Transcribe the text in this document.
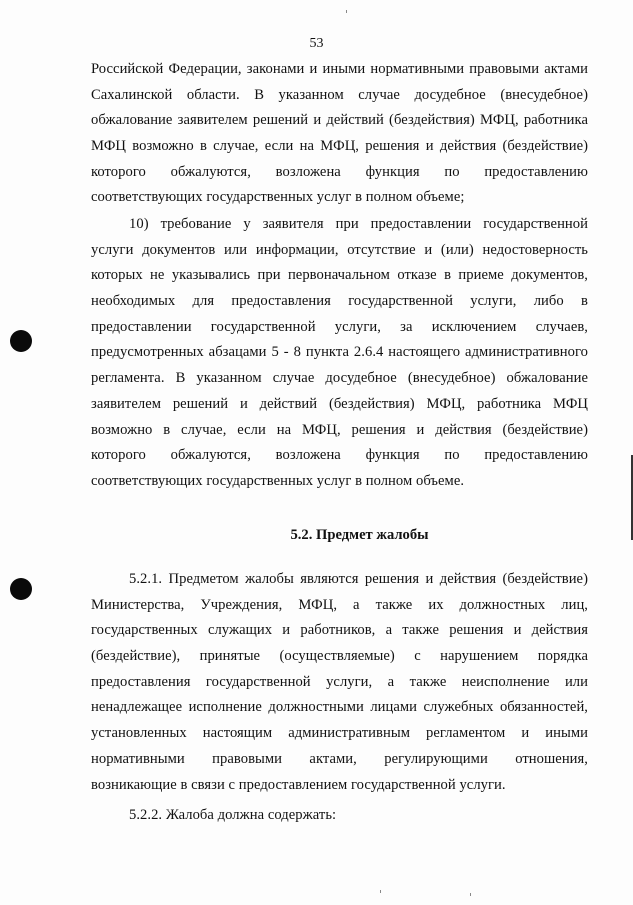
53
Российской Федерации, законами и иными нормативными правовыми актами
Сахалинской области. В указанном случае досудебное (внесудебное)
обжалование заявителем решений и действий (бездействия) МФЦ, работника
МФЦ возможно в случае, если на МФЦ, решения и действия (бездействие)
которого обжалуются, возложена функция по предоставлению
соответствующих государственных услуг в полном объеме;
10) требование у заявителя при предоставлении государственной
услуги документов или информации, отсутствие и (или) недостоверность
которых не указывались при первоначальном отказе в приеме документов,
необходимых для предоставления государственной услуги, либо в
предоставлении государственной услуги, за исключением случаев,
предусмотренных абзацами 5 - 8 пункта 2.6.4 настоящего административного
регламента. В указанном случае досудебное (внесудебное) обжалование
заявителем решений и действий (бездействия) МФЦ, работника МФЦ
возможно в случае, если на МФЦ, решения и действия (бездействие)
которого обжалуются, возложена функция по предоставлению
соответствующих государственных услуг в полном объеме.
5.2. Предмет жалобы
5.2.1. Предметом жалобы являются решения и действия (бездействие)
Министерства, Учреждения, МФЦ, а также их должностных лиц,
государственных служащих и работников, а также решения и действия
(бездействие), принятые (осуществляемые) с нарушением порядка
предоставления государственной услуги, а также неисполнение или
ненадлежащее исполнение должностными лицами служебных обязанностей,
установленных настоящим административным регламентом и иными
нормативными правовыми актами, регулирующими отношения,
возникающие в связи с предоставлением государственной услуги.
5.2.2. Жалоба должна содержать:
